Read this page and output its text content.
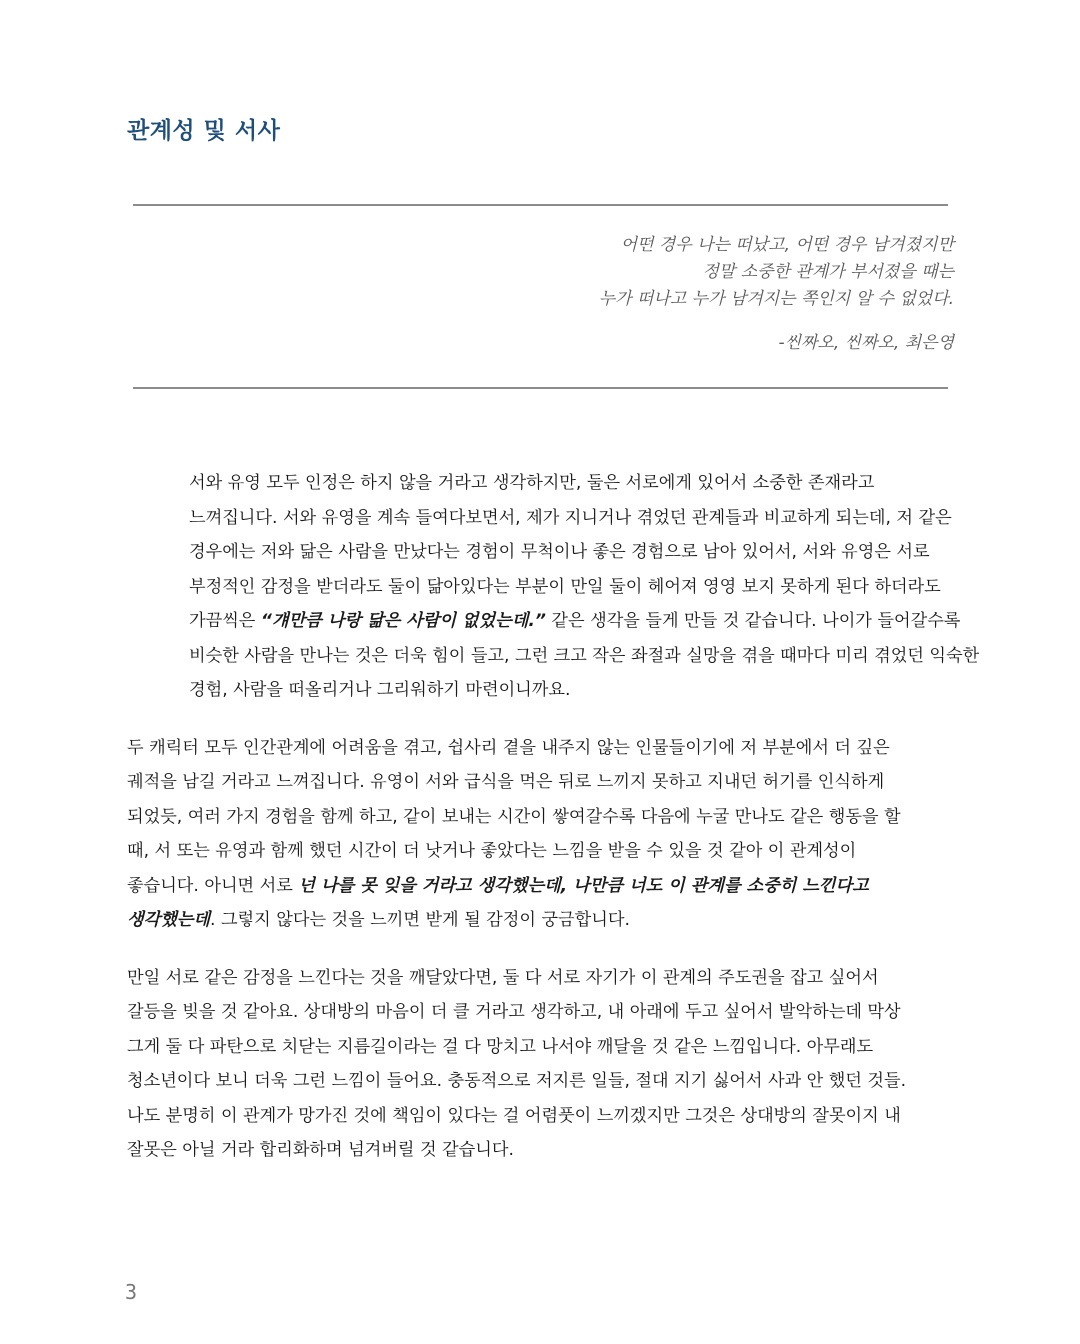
관계성 및 서사
어떤 경우 나는 떠났고, 어떤 경우 남겨졌지만
정말 소중한 관계가 부서졌을 때는
누가 떠나고 누가 남겨지는 쪽인지 알 수 없었다.
-씬짜오, 씬짜오, 최은영

서와 유영 모두 인정은 하지 않을 거라고 생각하지만, 둘은 서로에게 있어서 소중한 존재라고
느껴집니다. 서와 유영을 계속 들여다보면서, 제가 지니거나 겪었던 관계들과 비교하게 되는데, 저 같은
경우에는 저와 닮은 사람을 만났다는 경험이 무척이나 좋은 경험으로 남아 있어서, 서와 유영은 서로
부정적인 감정을 받더라도 둘이 닮아있다는 부분이 만일 둘이 헤어져 영영 보지 못하게 된다 하더라도
가끔씩은 “걔만큼 나랑 닮은 사람이 없었는데.” 같은 생각을 들게 만들 것 같습니다. 나이가 들어갈수록
비슷한 사람을 만나는 것은 더욱 힘이 들고, 그런 크고 작은 좌절과 실망을 겪을 때마다 미리 겪었던 익숙한
경험, 사람을 떠올리거나 그리워하기 마련이니까요.

두 캐릭터 모두 인간관계에 어려움을 겪고, 쉽사리 곁을 내주지 않는 인물들이기에 저 부분에서 더 깊은
궤적을 남길 거라고 느껴집니다. 유영이 서와 급식을 먹은 뒤로 느끼지 못하고 지내던 허기를 인식하게
되었듯, 여러 가지 경험을 함께 하고, 같이 보내는 시간이 쌓여갈수록 다음에 누굴 만나도 같은 행동을 할
때, 서 또는 유영과 함께 했던 시간이 더 낫거나 좋았다는 느낌을 받을 수 있을 것 같아 이 관계성이
좋습니다. 아니면 서로 넌 나를 못 잊을 거라고 생각했는데, 나만큼 너도 이 관계를 소중히 느낀다고
생각했는데. 그렇지 않다는 것을 느끼면 받게 될 감정이 궁금합니다.

만일 서로 같은 감정을 느낀다는 것을 깨달았다면, 둘 다 서로 자기가 이 관계의 주도권을 잡고 싶어서
갈등을 빚을 것 같아요. 상대방의 마음이 더 클 거라고 생각하고, 내 아래에 두고 싶어서 발악하는데 막상
그게 둘 다 파탄으로 치닫는 지름길이라는 걸 다 망치고 나서야 깨달을 것 같은 느낌입니다. 아무래도
청소년이다 보니 더욱 그런 느낌이 들어요. 충동적으로 저지른 일들, 절대 지기 싫어서 사과 안 했던 것들.
나도 분명히 이 관계가 망가진 것에 책임이 있다는 걸 어렴풋이 느끼겠지만 그것은 상대방의 잘못이지 내
잘못은 아닐 거라 합리화하며 넘겨버릴 것 같습니다.

3
